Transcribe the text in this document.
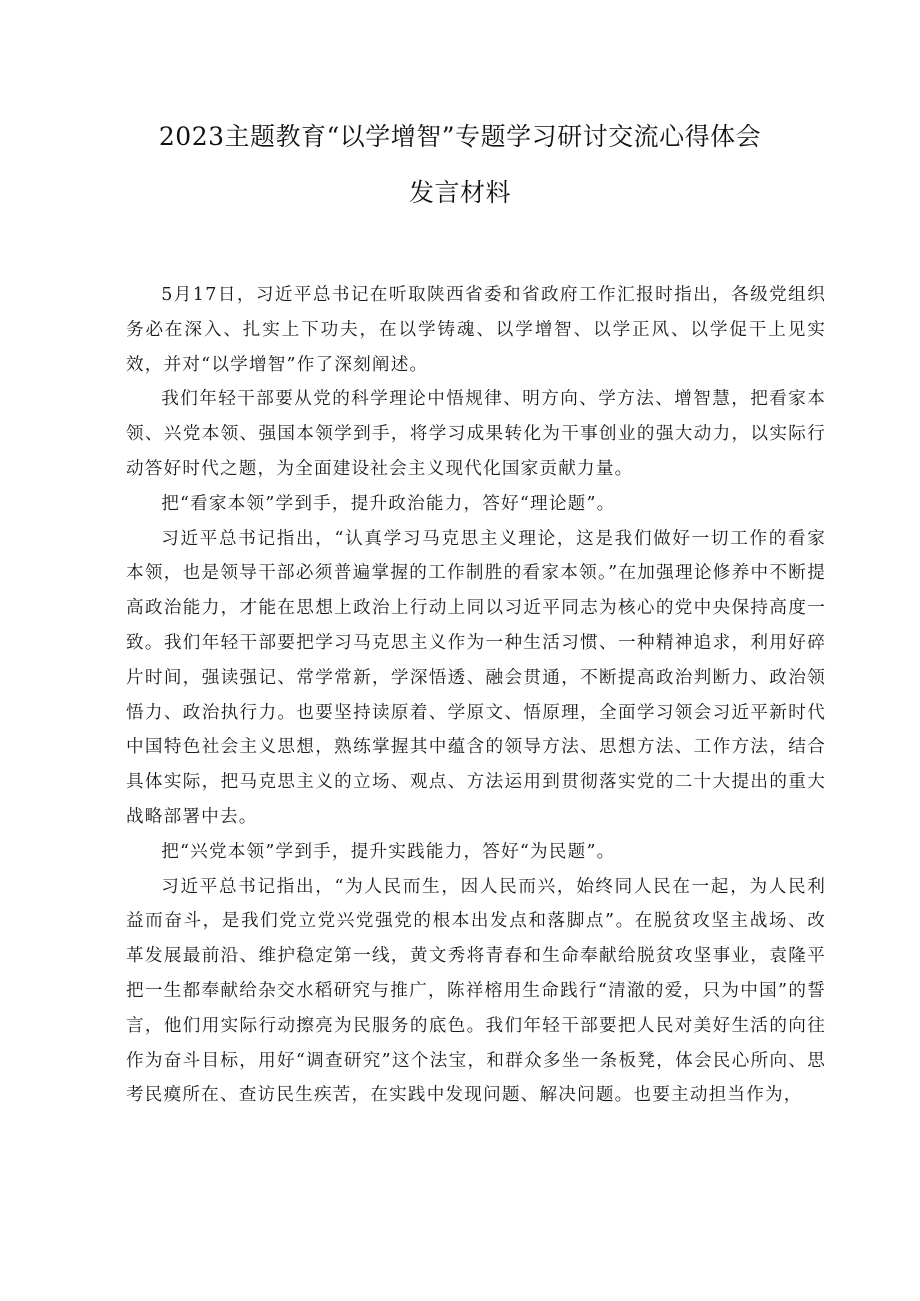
2023主题教育“以学增智”专题学习研讨交流心得体会
发言材料

5月17日，习近平总书记在听取陕西省委和省政府工作汇报时指出，各级党组织务必在深入、扎实上下功夫，在以学铸魂、以学增智、以学正风、以学促干上见实效，并对“以学增智”作了深刻阐述。

我们年轻干部要从党的科学理论中悟规律、明方向、学方法、增智慧，把看家本领、兴党本领、强国本领学到手，将学习成果转化为干事创业的强大动力，以实际行动答好时代之题，为全面建设社会主义现代化国家贡献力量。

把“看家本领”学到手，提升政治能力，答好“理论题”。

习近平总书记指出，“认真学习马克思主义理论，这是我们做好一切工作的看家本领，也是领导干部必须普遍掌握的工作制胜的看家本领。”在加强理论修养中不断提高政治能力，才能在思想上政治上行动上同以习近平同志为核心的党中央保持高度一致。我们年轻干部要把学习马克思主义作为一种生活习惯、一种精神追求，利用好碎片时间，强读强记、常学常新，学深悟透、融会贯通，不断提高政治判断力、政治领悟力、政治执行力。也要坚持读原着、学原文、悟原理，全面学习领会习近平新时代中国特色社会主义思想，熟练掌握其中蕴含的领导方法、思想方法、工作方法，结合具体实际，把马克思主义的立场、观点、方法运用到贯彻落实党的二十大提出的重大战略部署中去。

把“兴党本领”学到手，提升实践能力，答好“为民题”。

习近平总书记指出，“为人民而生，因人民而兴，始终同人民在一起，为人民利益而奋斗，是我们党立党兴党强党的根本出发点和落脚点”。在脱贫攻坚主战场、改革发展最前沿、维护稳定第一线，黄文秀将青春和生命奉献给脱贫攻坚事业，袁隆平把一生都奉献给杂交水稻研究与推广，陈祥榕用生命践行“清澈的爱，只为中国”的誓言，他们用实际行动擦亮为民服务的底色。我们年轻干部要把人民对美好生活的向往作为奋斗目标，用好“调查研究”这个法宝，和群众多坐一条板凳，体会民心所向、思考民瘼所在、查访民生疾苦，在实践中发现问题、解决问题。也要主动担当作为，
